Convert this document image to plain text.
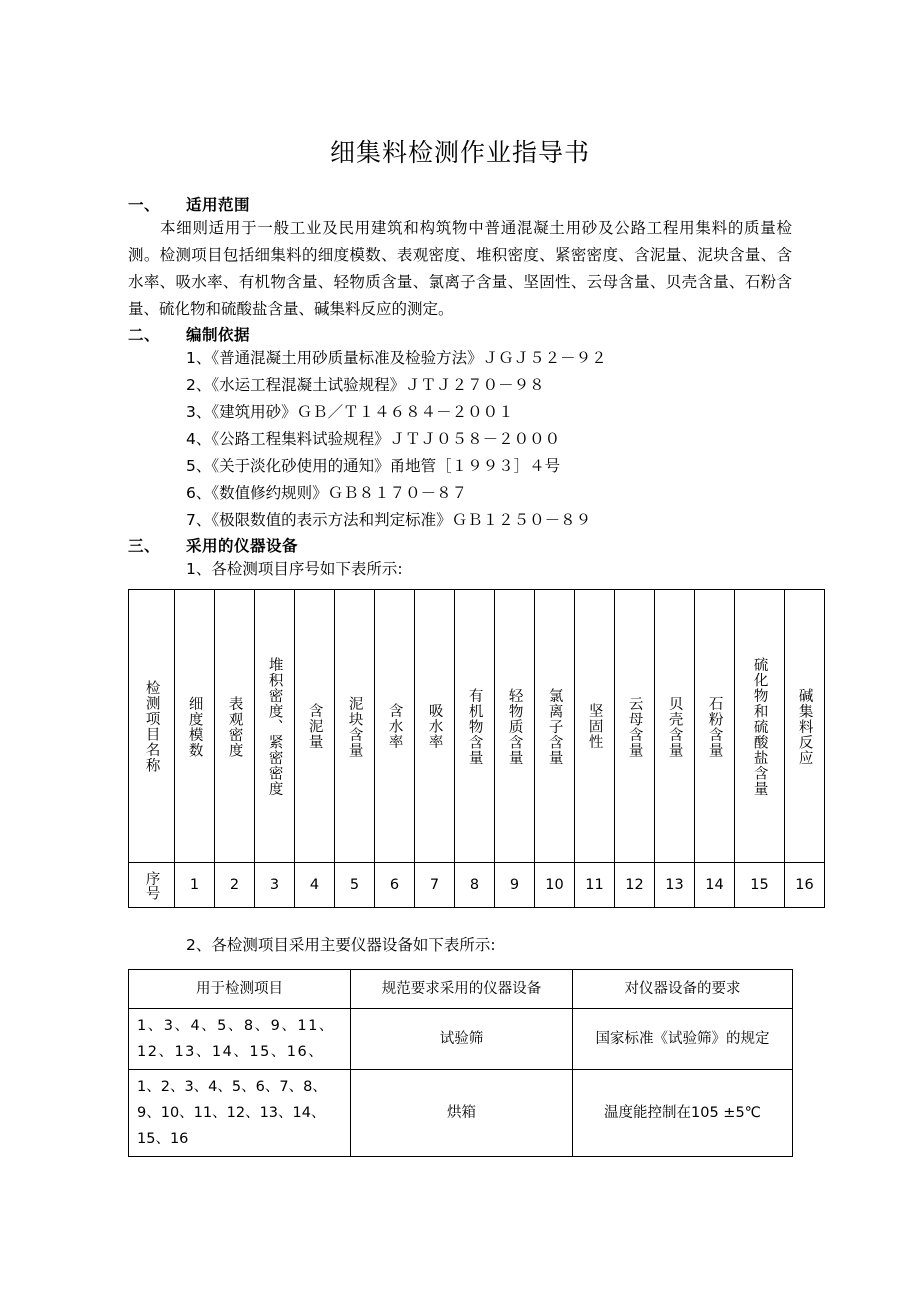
细集料检测作业指导书
一、 适用范围

本细则适用于一般工业及民用建筑和构筑物中普通混凝土用砂及公路工程用集料的质量检测。检测项目包括细集料的细度模数、表观密度、堆积密度、紧密密度、含泥量、泥块含量、含水率、吸水率、有机物含量、轻物质含量、氯离子含量、坚固性、云母含量、贝壳含量、石粉含量、硫化物和硫酸盐含量、碱集料反应的测定。

二、 编制依据

1、《普通混凝土用砂质量标准及检验方法》ＪＧＪ５２－９２

2、《水运工程混凝土试验规程》ＪＴＪ２７０－９８

3、《建筑用砂》ＧＢ／Ｔ１４６８４－２００１

4、《公路工程集料试验规程》ＪＴＪ０５８－２０００

5、《关于淡化砂使用的通知》甬地管［１９９３］４号

6、《数值修约规则》ＧＢ８１７０－８７

7、《极限数值的表示方法和判定标准》ＧＢ１２５０－８９

三、 采用的仪器设备

1、各检测项目序号如下表所示:

检测项目名称	细度模数	表观密度	堆积密度、紧密密度	含泥量	泥块含量	含水率	吸水率	有机物含量	轻物质含量	氯离子含量	坚固性	云母含量	贝壳含量	石粉含量	硫化物和硫酸盐含量	碱集料反应

序号	1	2	3	4	5	6	7	8	9	10	11	12	13	14	15	16

2、各检测项目采用主要仪器设备如下表所示:

用于检测项目	规范要求采用的仪器设备	对仪器设备的要求
1、3、4、5、8、9、11、12、13、14、15、16、	试验筛	国家标准《试验筛》的规定
1、2、3、4、5、6、7、8、9、10、11、12、13、14、15、16	烘箱	温度能控制在105 ±5℃
